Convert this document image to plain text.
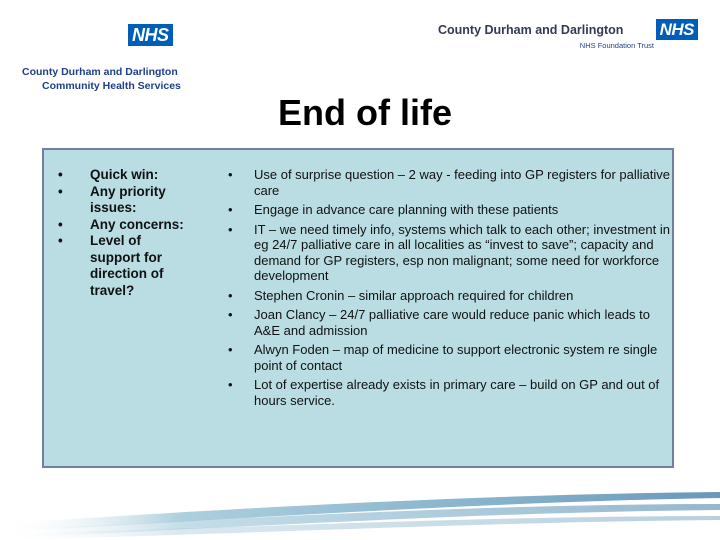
NHS
County Durham and Darlington
Community Health Services
County Durham and Darlington NHS
NHS Foundation Trust
End of life
• Quick win:
• Any priority issues:
• Any concerns:
• Level of support for direction of travel?
• Use of surprise question – 2 way - feeding into GP registers for palliative care
• Engage in advance care planning with these patients
• IT – we need timely info, systems which talk to each other; investment in eg 24/7 palliative care in all localities as “invest to save”; capacity and demand for GP registers, esp non malignant; some need for workforce development
• Stephen Cronin – similar approach required for children
• Joan Clancy – 24/7 palliative care would reduce panic which leads to A&E and admission
• Alwyn Foden – map of medicine to support electronic system re single point of contact
• Lot of expertise already exists in primary care – build on GP and out of hours service.
